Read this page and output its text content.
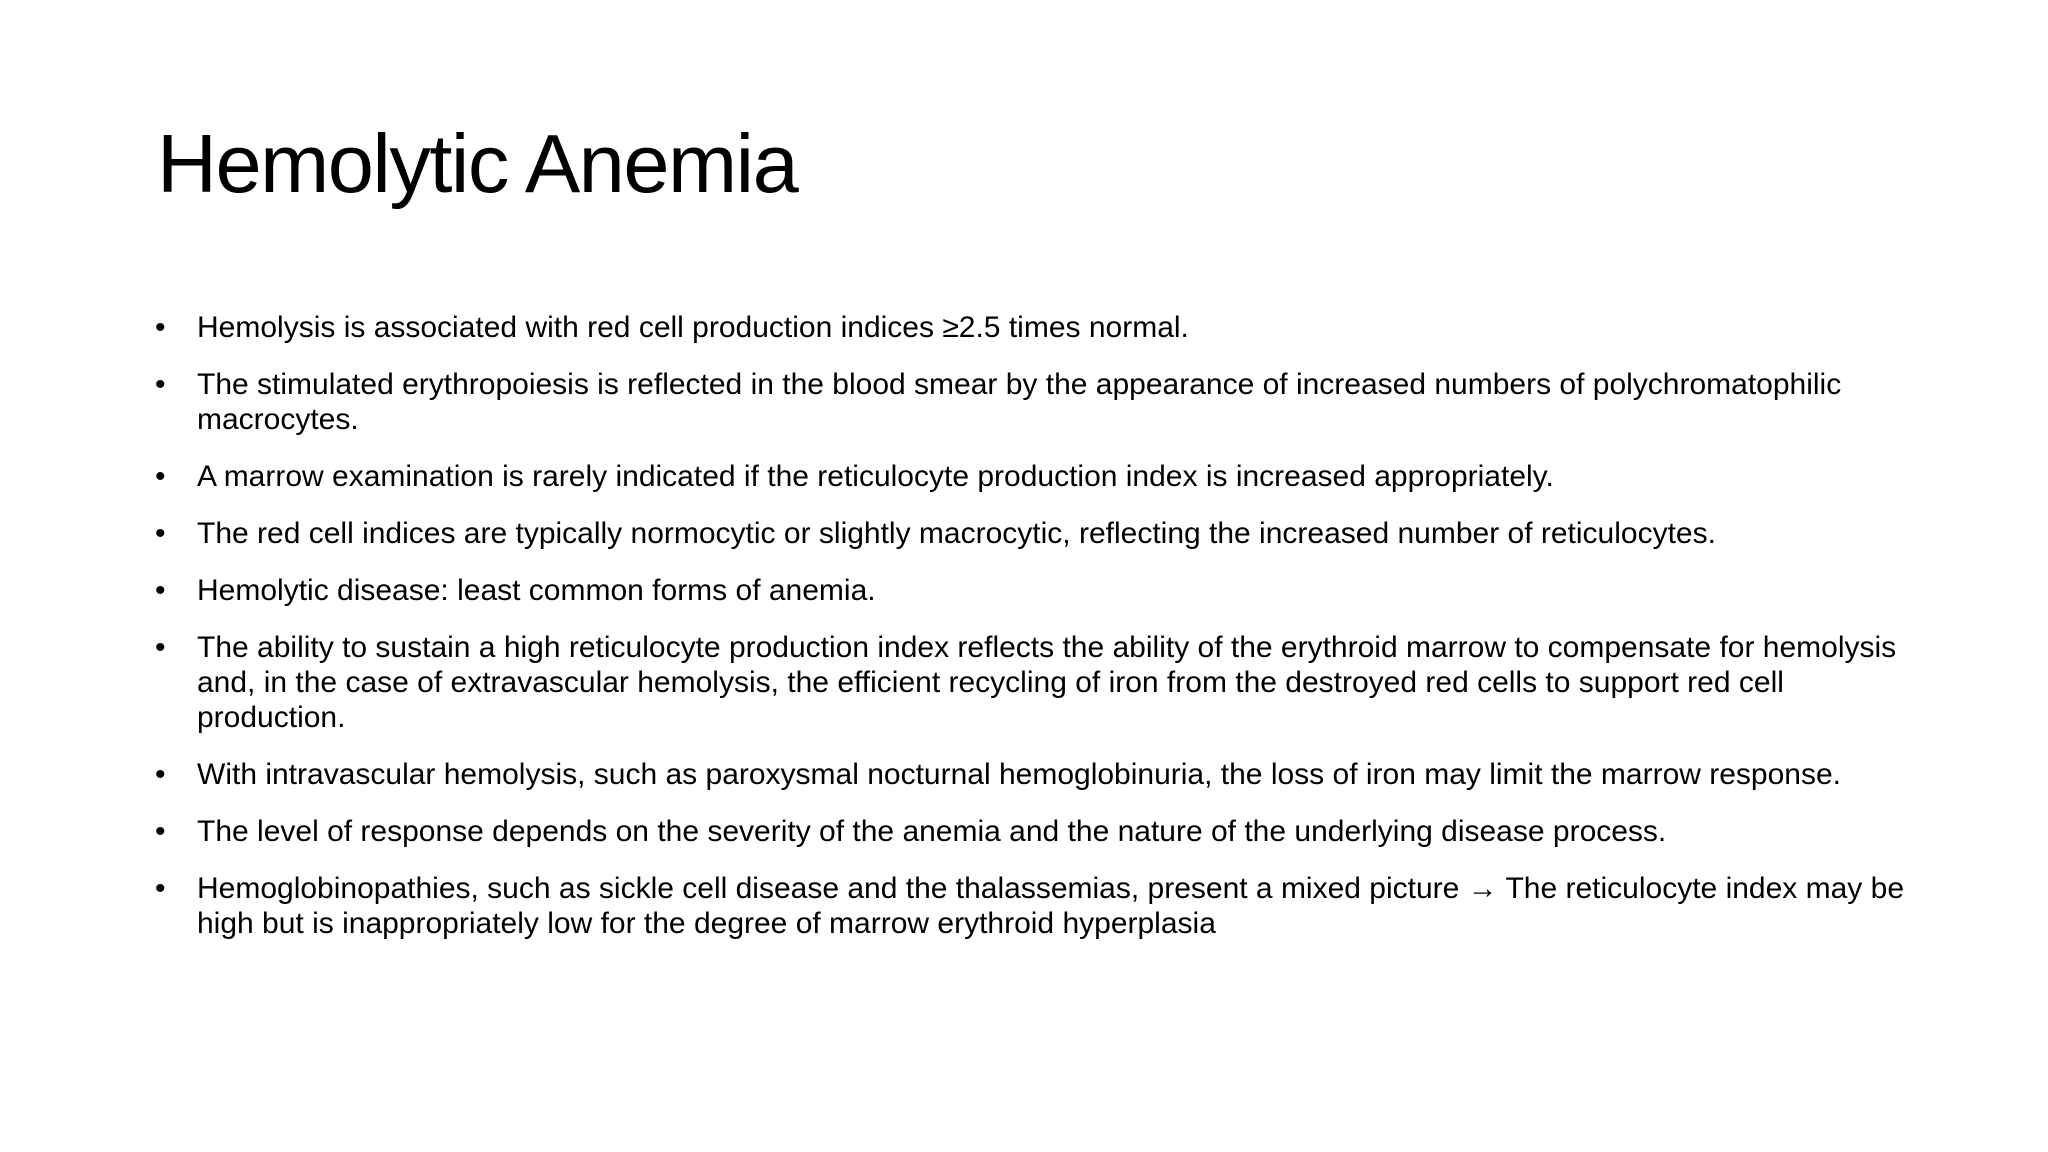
Hemolytic Anemia
• Hemolysis is associated with red cell production indices ≥2.5 times normal.
• The stimulated erythropoiesis is reflected in the blood smear by the appearance of increased numbers of polychromatophilic macrocytes.
• A marrow examination is rarely indicated if the reticulocyte production index is increased appropriately.
• The red cell indices are typically normocytic or slightly macrocytic, reflecting the increased number of reticulocytes.
• Hemolytic disease: least common forms of anemia.
• The ability to sustain a high reticulocyte production index reflects the ability of the erythroid marrow to compensate for hemolysis and, in the case of extravascular hemolysis, the efficient recycling of iron from the destroyed red cells to support red cell production.
• With intravascular hemolysis, such as paroxysmal nocturnal hemoglobinuria, the loss of iron may limit the marrow response.
• The level of response depends on the severity of the anemia and the nature of the underlying disease process.
• Hemoglobinopathies, such as sickle cell disease and the thalassemias, present a mixed picture → The reticulocyte index may be high but is inappropriately low for the degree of marrow erythroid hyperplasia
